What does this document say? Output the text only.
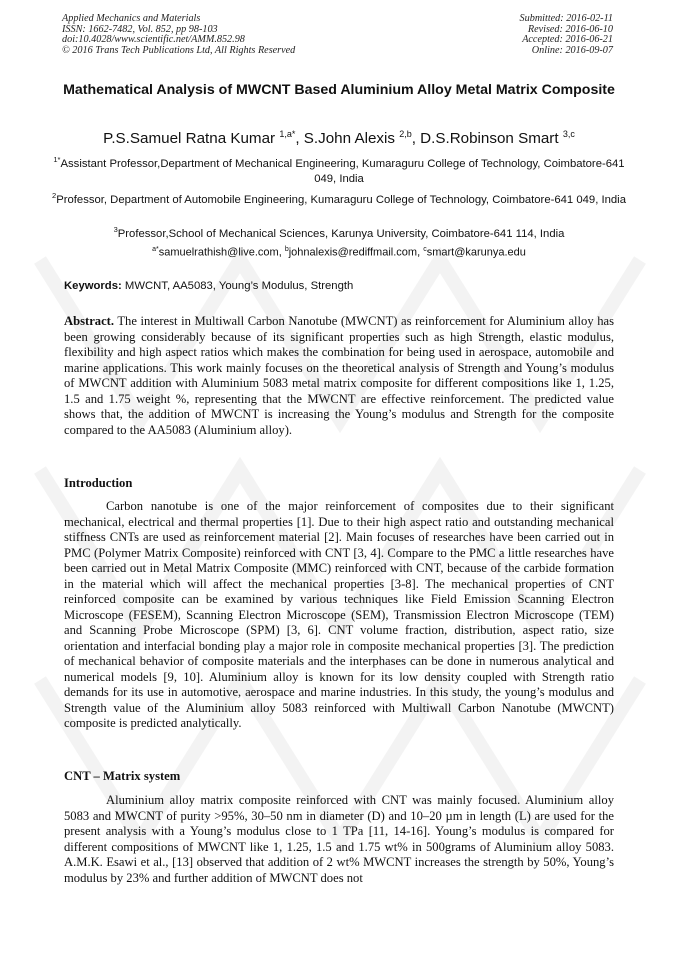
Applied Mechanics and Materials
ISSN: 1662-7482, Vol. 852, pp 98-103
doi:10.4028/www.scientific.net/AMM.852.98
© 2016 Trans Tech Publications Ltd, All Rights Reserved
Submitted: 2016-02-11
Revised: 2016-06-10
Accepted: 2016-06-21
Online: 2016-09-07
Mathematical Analysis of MWCNT Based Aluminium Alloy Metal Matrix Composite
P.S.Samuel Ratna Kumar $^{1,a*}$, S.John Alexis $^{2,b}$, D.S.Robinson Smart $^{3,c}$
$^{1*}$Assistant Professor,Department of Mechanical Engineering, Kumaraguru College of Technology, Coimbatore-641 049, India
$^2$Professor, Department of Automobile Engineering, Kumaraguru College of Technology, Coimbatore-641 049, India
$^3$Professor,School of Mechanical Sciences, Karunya University, Coimbatore-641 114, India
$^{a*}$samuelrathish@live.com, $^b$johnalexis@rediffmail.com, $^c$smart@karunya.edu
Keywords: MWCNT, AA5083, Young’s Modulus, Strength
Abstract. The interest in Multiwall Carbon Nanotube (MWCNT) as reinforcement for Aluminium alloy has been growing considerably because of its significant properties such as high Strength, elastic modulus, flexibility and high aspect ratios which makes the combination for being used in aerospace, automobile and marine applications. This work mainly focuses on the theoretical analysis of Strength and Young’s modulus of MWCNT addition with Aluminium 5083 metal matrix composite for different compositions like 1, 1.25, 1.5 and 1.75 weight %, representing that the MWCNT are effective reinforcement. The predicted value shows that, the addition of MWCNT is increasing the Young’s modulus and Strength for the composite compared to the AA5083 (Aluminium alloy).
Introduction
Carbon nanotube is one of the major reinforcement of composites due to their significant mechanical, electrical and thermal properties [1]. Due to their high aspect ratio and outstanding mechanical stiffness CNTs are used as reinforcement material [2]. Main focuses of researches have been carried out in PMC (Polymer Matrix Composite) reinforced with CNT [3, 4]. Compare to the PMC a little researches have been carried out in Metal Matrix Composite (MMC) reinforced with CNT, because of the carbide formation in the material which will affect the mechanical properties [3-8]. The mechanical properties of CNT reinforced composite can be examined by various techniques like Field Emission Scanning Electron Microscope (FESEM), Scanning Electron Microscope (SEM), Transmission Electron Microscope (TEM) and Scanning Probe Microscope (SPM) [3, 6]. CNT volume fraction, distribution, aspect ratio, size orientation and interfacial bonding play a major role in composite mechanical properties [3]. The prediction of mechanical behavior of composite materials and the interphases can be done in numerous analytical and numerical models [9, 10]. Aluminium alloy is known for its low density coupled with Strength ratio demands for its use in automotive, aerospace and marine industries. In this study, the young’s modulus and Strength value of the Aluminium alloy 5083 reinforced with Multiwall Carbon Nanotube (MWCNT) composite is predicted analytically.
CNT – Matrix system
Aluminium alloy matrix composite reinforced with CNT was mainly focused. Aluminium alloy 5083 and MWCNT of purity >95%, 30–50 nm in diameter (D) and 10–20 µm in length (L) are used for the present analysis with a Young’s modulus close to 1 TPa [11, 14-16]. Young’s modulus is compared for different compositions of MWCNT like 1, 1.25, 1.5 and 1.75 wt% in 500grams of Aluminium alloy 5083. A.M.K. Esawi et al., [13] observed that addition of 2 wt% MWCNT increases the strength by 50%, Young’s modulus by 23% and further addition of MWCNT does not
